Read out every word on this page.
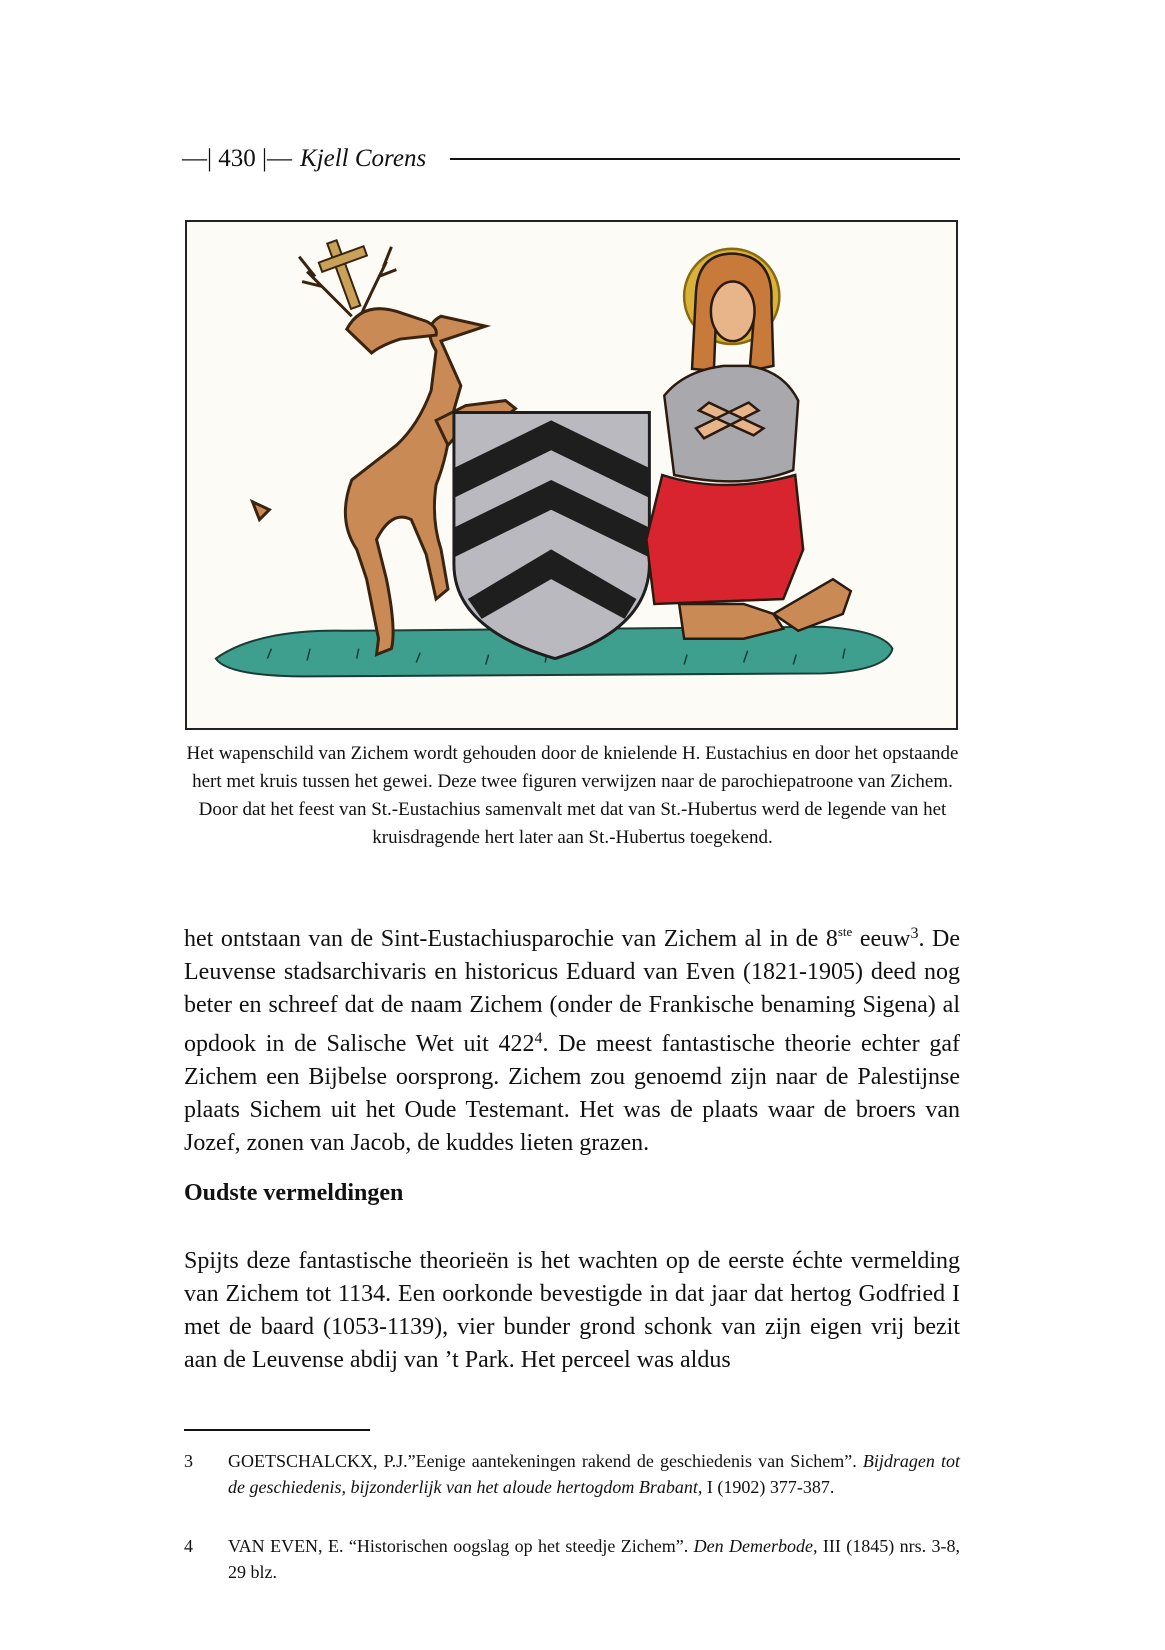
—| 430 |— Kjell Corens
Het wapenschild van Zichem wordt gehouden door de knielende H. Eustachius en door het opstaande hert met kruis tussen het gewei. Deze twee figuren verwijzen naar de parochiepatroone van Zichem. Door dat het feest van St.-Eustachius samenvalt met dat van St.-Hubertus werd de legende van het kruisdragende hert later aan St.-Hubertus toegekend.

het ontstaan van de Sint-Eustachiusparochie van Zichem al in de 8ste eeuw$^3$. De Leuvense stadsarchivaris en historicus Eduard van Even (1821-1905) deed nog beter en schreef dat de naam Zichem (onder de Frankische benaming Sigena) al opdook in de Salische Wet uit $422^4$. De meest fantastische theorie echter gaf Zichem een Bijbelse oorsprong. Zichem zou genoemd zijn naar de Palestijnse plaats Sichem uit het Oude Testemant. Het was de plaats waar de broers van Jozef, zonen van Jacob, de kuddes lieten grazen.

Oudste vermeldingen

Spijts deze fantastische theorieën is het wachten op de eerste échte vermelding van Zichem tot 1134. Een oorkonde bevestigde in dat jaar dat hertog Godfried I met de baard (1053-1139), vier bunder grond schonk van zijn eigen vrij bezit aan de Leuvense abdij van ’t Park. Het perceel was aldus

3	GOETSCHALCKX, P.J.”Eenige aantekeningen rakend de geschiedenis van Sichem”. Bijdragen tot de geschiedenis, bijzonderlijk van het aloude hertogdom Brabant, I (1902) 377-387.
4	VAN EVEN, E. “Historischen oogslag op het steedje Zichem”. Den Demerbode, III (1845) nrs. 3-8, 29 blz.
